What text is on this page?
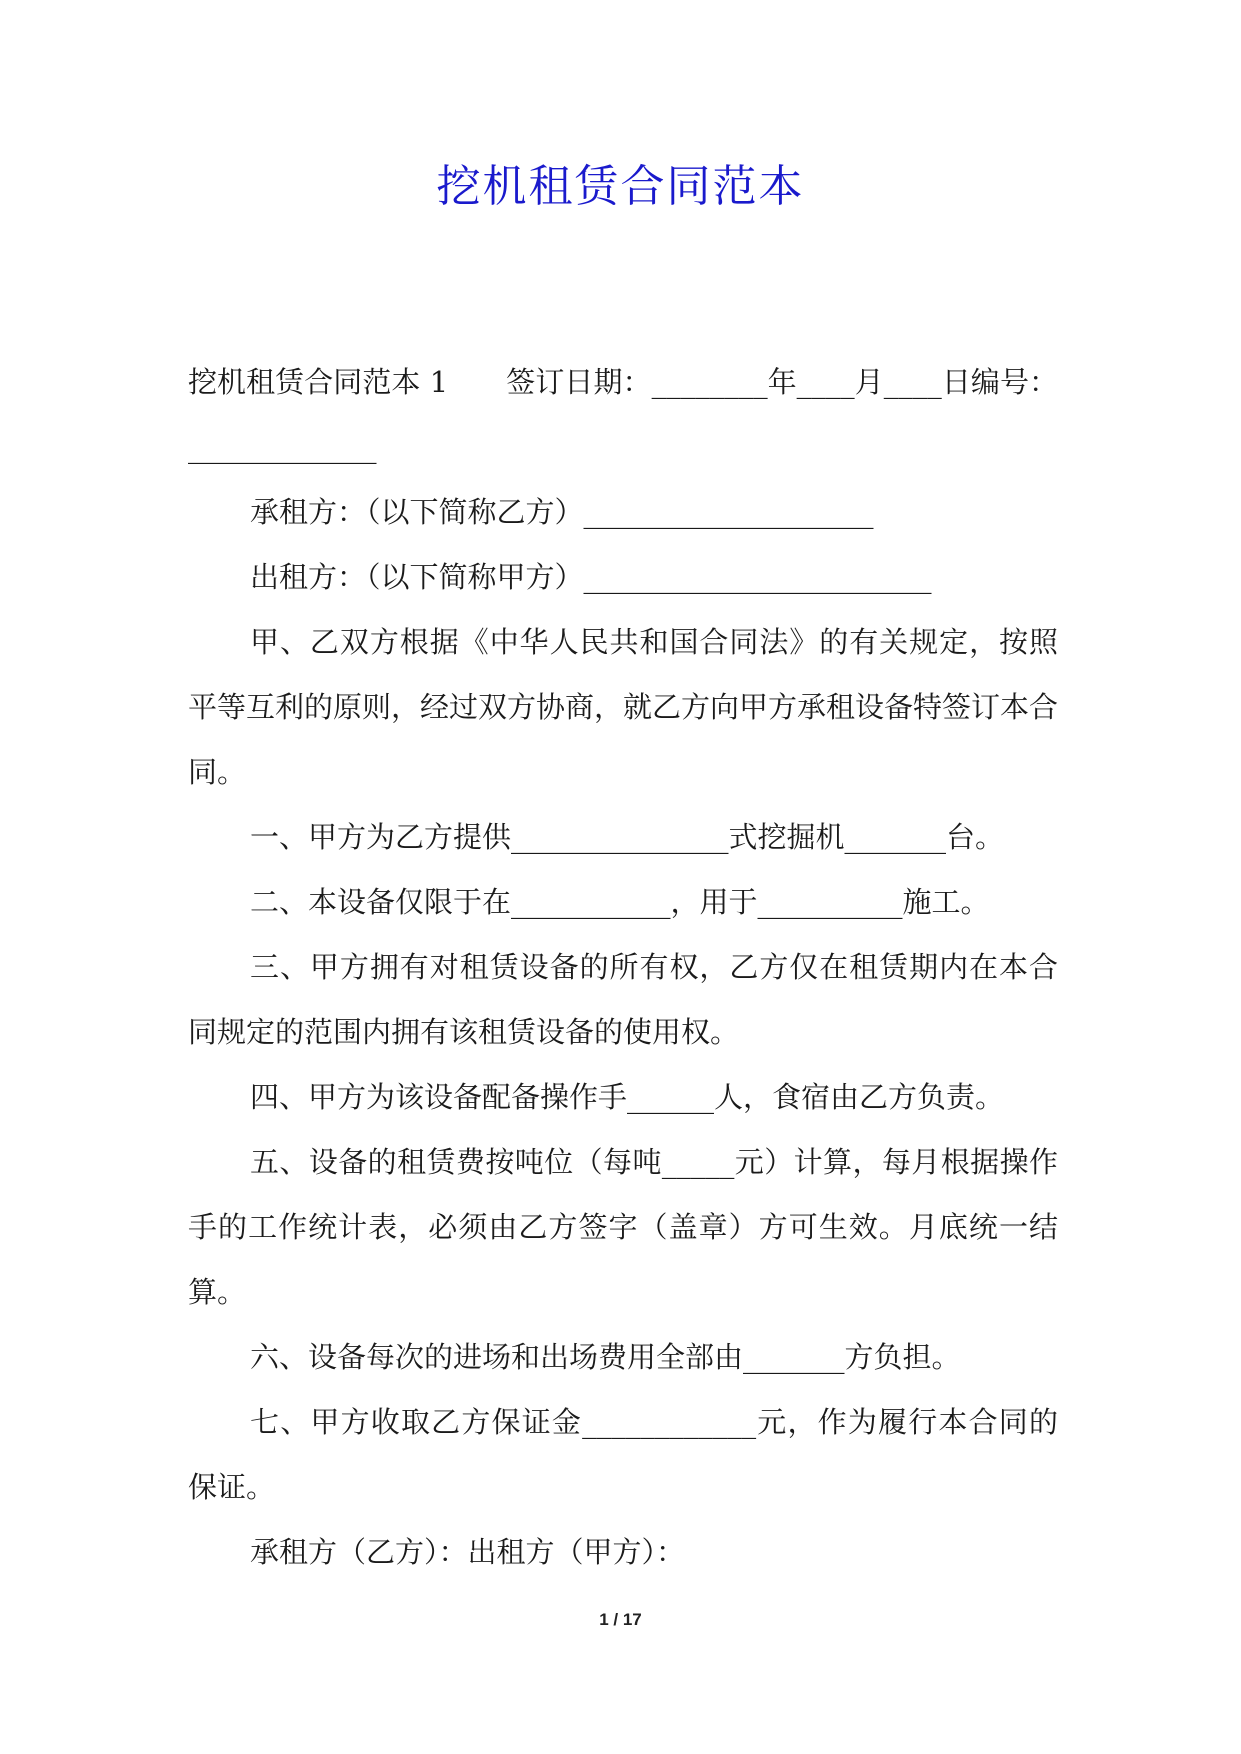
挖机租赁合同范本

挖机租赁合同范本 1　　签订日期：________年____月____日编号：_____________

承租方：（以下简称乙方）____________________

出租方：（以下简称甲方）________________________

甲、乙双方根据《中华人民共和国合同法》的有关规定，按照平等互利的原则，经过双方协商，就乙方向甲方承租设备特签订本合同。

一、甲方为乙方提供_______________式挖掘机_______台。

二、本设备仅限于在___________，用于__________施工。

三、甲方拥有对租赁设备的所有权，乙方仅在租赁期内在本合同规定的范围内拥有该租赁设备的使用权。

四、甲方为该设备配备操作手______人，食宿由乙方负责。

五、设备的租赁费按吨位（每吨_____元）计算，每月根据操作手的工作统计表，必须由乙方签字（盖章）方可生效。月底统一结算。

六、设备每次的进场和出场费用全部由_______方负担。

七、甲方收取乙方保证金____________元，作为履行本合同的保证。

承租方（乙方）：出租方（甲方）：

1 / 17
